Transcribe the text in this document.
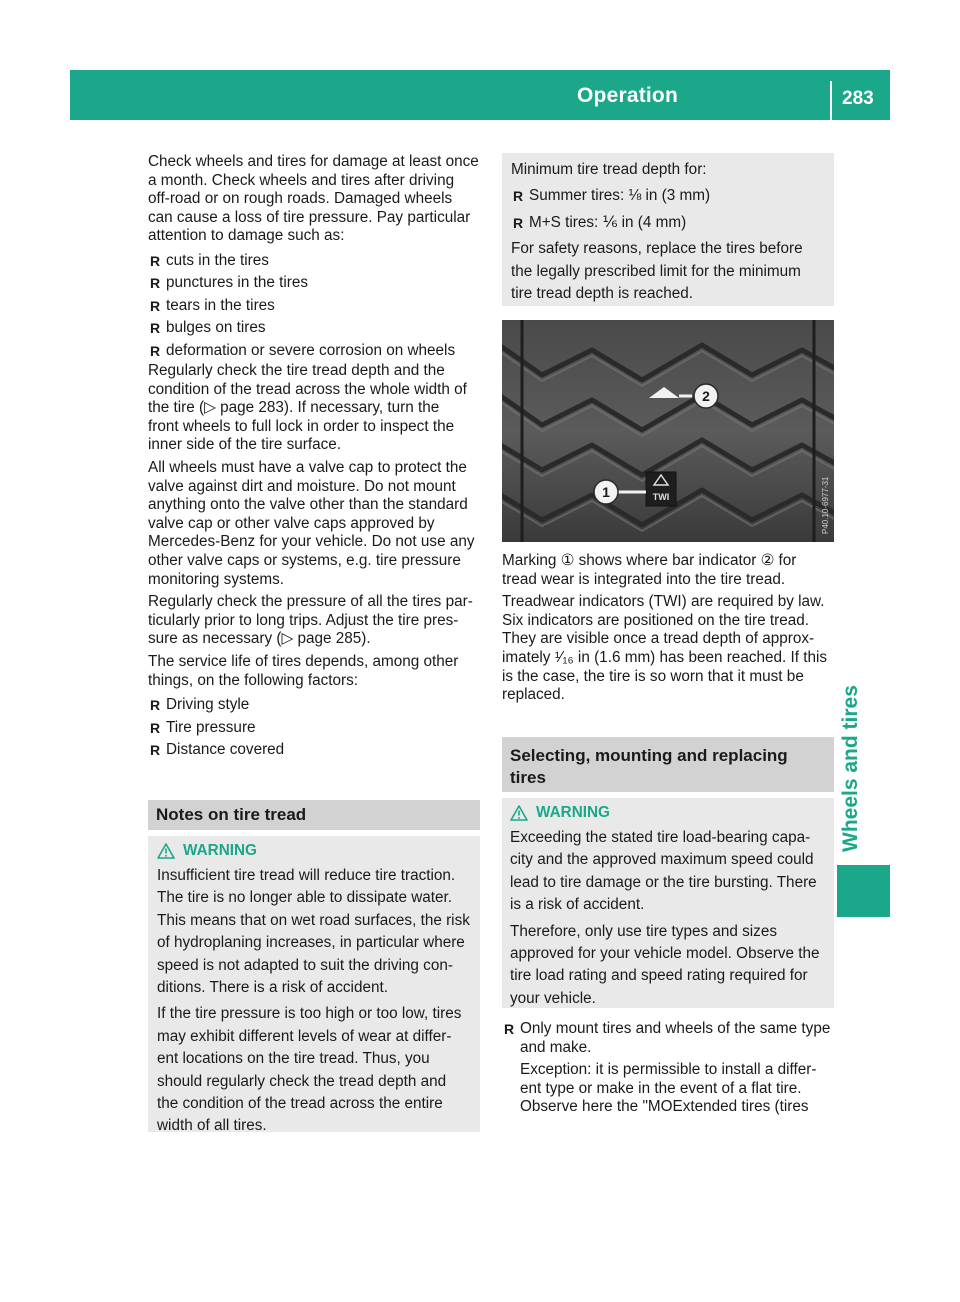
Operation	283
Wheels and tires
Check wheels and tires for damage at least once
a month. Check wheels and tires after driving
off-road or on rough roads. Damaged wheels
can cause a loss of tire pressure. Pay particular
attention to damage such as:
R cuts in the tires
R punctures in the tires
R tears in the tires
R bulges on tires
R deformation or severe corrosion on wheels
Regularly check the tire tread depth and the
condition of the tread across the whole width of
the tire (▷ page 283). If necessary, turn the
front wheels to full lock in order to inspect the
inner side of the tire surface.
All wheels must have a valve cap to protect the
valve against dirt and moisture. Do not mount
anything onto the valve other than the standard
valve cap or other valve caps approved by
Mercedes-Benz for your vehicle. Do not use any
other valve caps or systems, e.g. tire pressure
monitoring systems.
Regularly check the pressure of all the tires par-
ticularly prior to long trips. Adjust the tire pres-
sure as necessary (▷ page 285).
The service life of tires depends, among other
things, on the following factors:
R Driving style
R Tire pressure
R Distance covered
Notes on tire tread
WARNING
Insufficient tire tread will reduce tire traction.
The tire is no longer able to dissipate water.
This means that on wet road surfaces, the risk
of hydroplaning increases, in particular where
speed is not adapted to suit the driving con-
ditions. There is a risk of accident.
If the tire pressure is too high or too low, tires
may exhibit different levels of wear at differ-
ent locations on the tire tread. Thus, you
should regularly check the tread depth and
the condition of the tread across the entire
width of all tires.
Minimum tire tread depth for:
R Summer tires: ⅛ in (3 mm)
R M+S tires: ⅙ in (4 mm)
For safety reasons, replace the tires before
the legally prescribed limit for the minimum
tire tread depth is reached.
2
TWI
1	P40.10-6977-31
Marking ① shows where bar indicator ② for
tread wear is integrated into the tire tread.
Treadwear indicators (TWI) are required by law.
Six indicators are positioned on the tire tread.
They are visible once a tread depth of approx-
imately ¹⁄₁₆ in (1.6 mm) has been reached. If this
is the case, the tire is so worn that it must be
replaced.
Selecting, mounting and replacing
tires
WARNING
Exceeding the stated tire load-bearing capa-
city and the approved maximum speed could
lead to tire damage or the tire bursting. There
is a risk of accident.
Therefore, only use tire types and sizes
approved for your vehicle model. Observe the
tire load rating and speed rating required for
your vehicle.
R Only mount tires and wheels of the same type
and make.
Exception: it is permissible to install a differ-
ent type or make in the event of a flat tire.
Observe here the "MOExtended tires (tires
